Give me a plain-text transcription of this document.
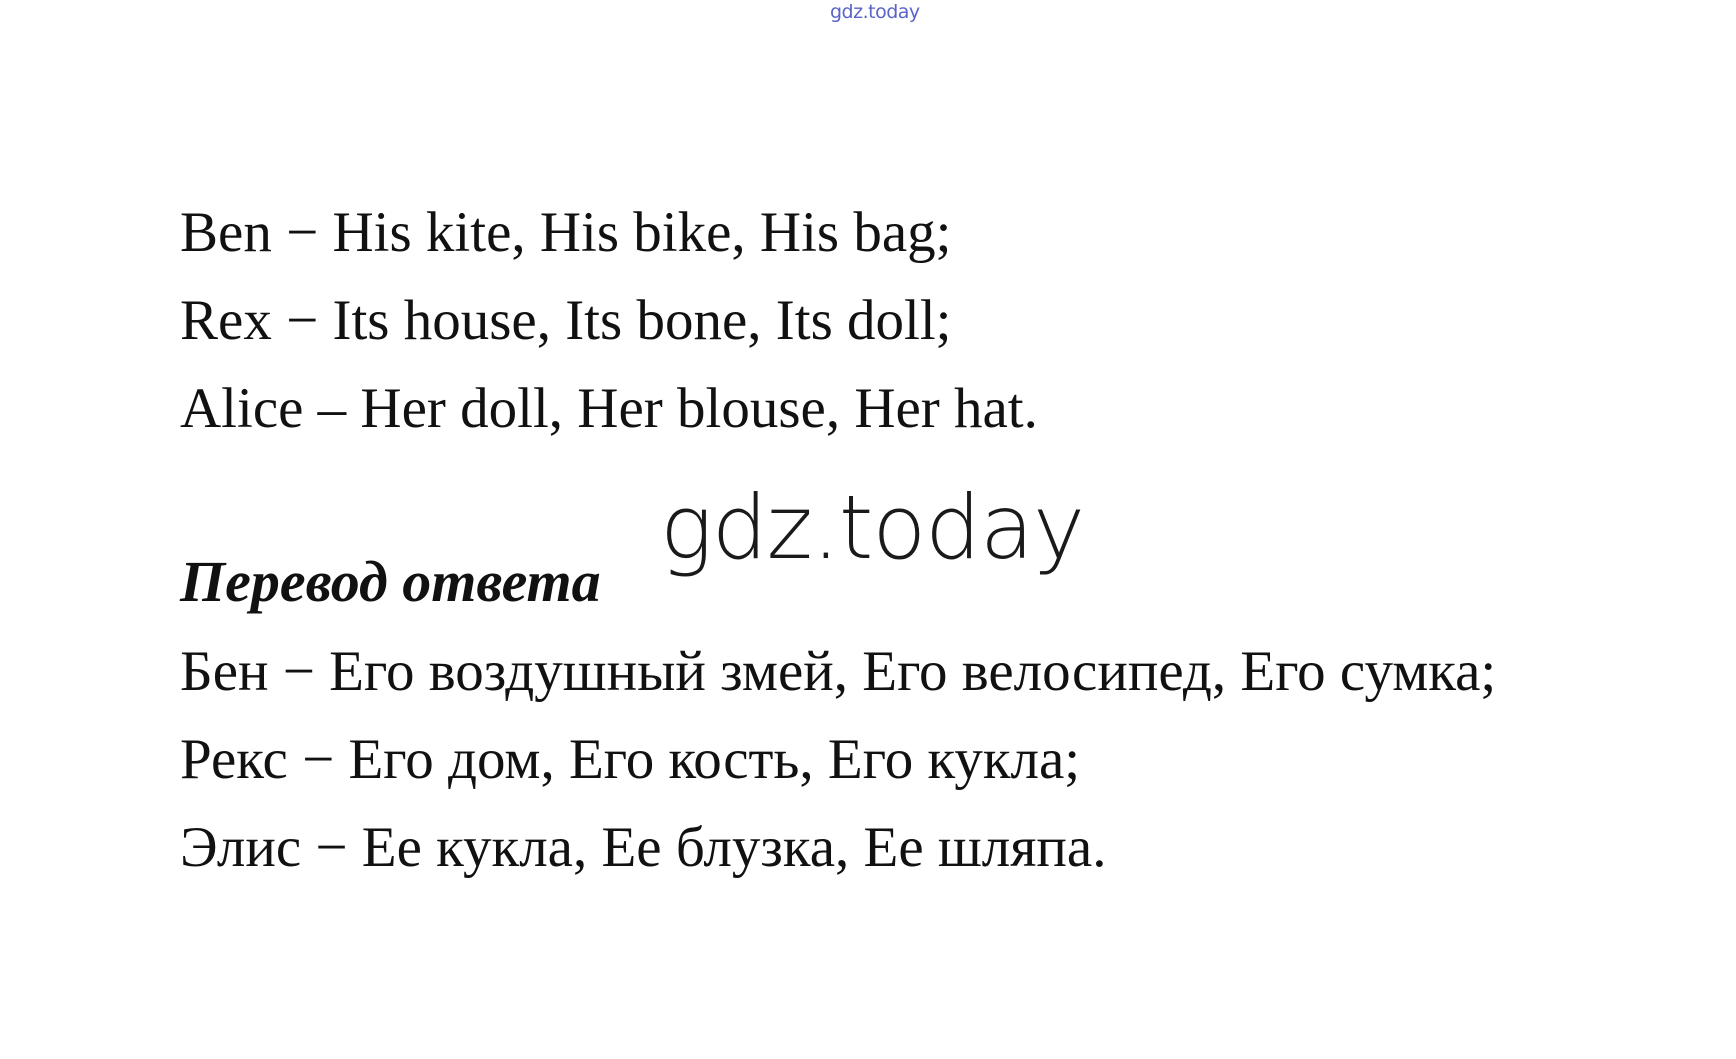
gdz.today
Ben − His kite, His bike, His bag;
Rex − Its house, Its bone, Its doll;
Alice – Her doll, Her blouse, Her hat.
gdz.today
Перевод ответа
Бен − Его воздушный змей, Его велосипед, Его сумка;
Рекс − Его дом, Его кость, Его кукла;
Элис − Ее кукла, Ее блузка, Ее шляпа.
